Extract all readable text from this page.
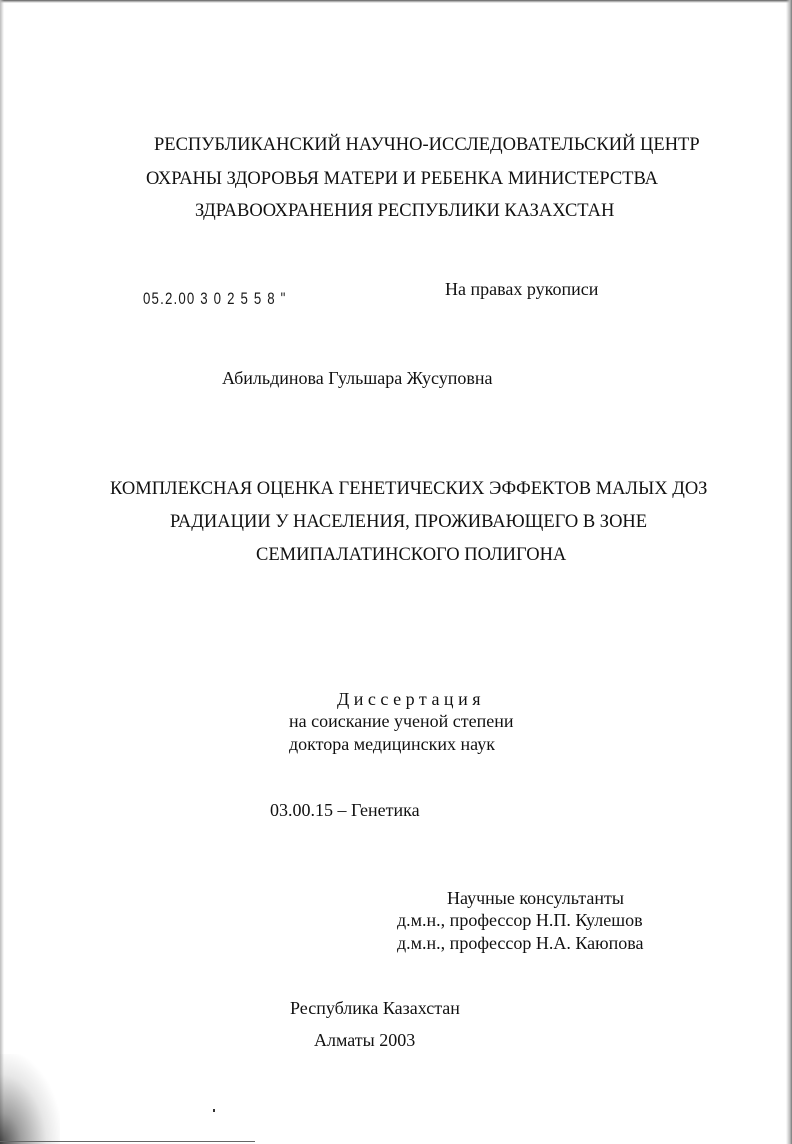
РЕСПУБЛИКАНСКИЙ НАУЧНО-ИССЛЕДОВАТЕЛЬСКИЙ ЦЕНТР
ОХРАНЫ ЗДОРОВЬЯ МАТЕРИ И РЕБЕНКА МИНИСТЕРСТВА
ЗДРАВООХРАНЕНИЯ РЕСПУБЛИКИ КАЗАХСТАН
05.2.00 3 0 2 5 5 8 "	На правах рукописи
Абильдинова Гульшара Жусуповна
КОМПЛЕКСНАЯ ОЦЕНКА ГЕНЕТИЧЕСКИХ ЭФФЕКТОВ МАЛЫХ ДОЗ
РАДИАЦИИ У НАСЕЛЕНИЯ, ПРОЖИВАЮЩЕГО В ЗОНЕ
СЕМИПАЛАТИНСКОГО ПОЛИГОНА
Диссертация
на соискание ученой степени
доктора медицинских наук
03.00.15 – Генетика
Научные консультанты
д.м.н., профессор Н.П. Кулешов
д.м.н., профессор Н.А. Каюпова
Республика Казахстан
Алматы 2003
